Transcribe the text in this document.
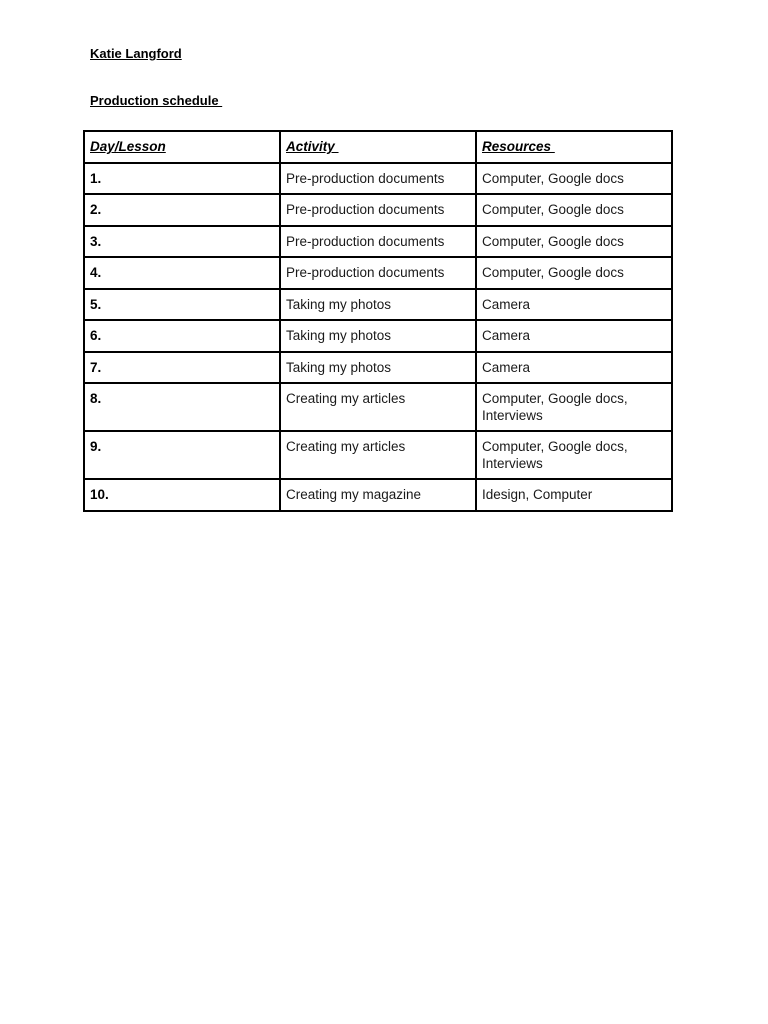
Katie Langford
Production schedule
Day/Lesson	Activity	Resources
1.	Pre-production documents	Computer, Google docs
2.	Pre-production documents	Computer, Google docs
3.	Pre-production documents	Computer, Google docs
4.	Pre-production documents	Computer, Google docs
5.	Taking my photos	Camera
6.	Taking my photos	Camera
7.	Taking my photos	Camera
8.	Creating my articles	Computer, Google docs, Interviews
9.	Creating my articles	Computer, Google docs, Interviews
10.	Creating my magazine	Idesign, Computer
